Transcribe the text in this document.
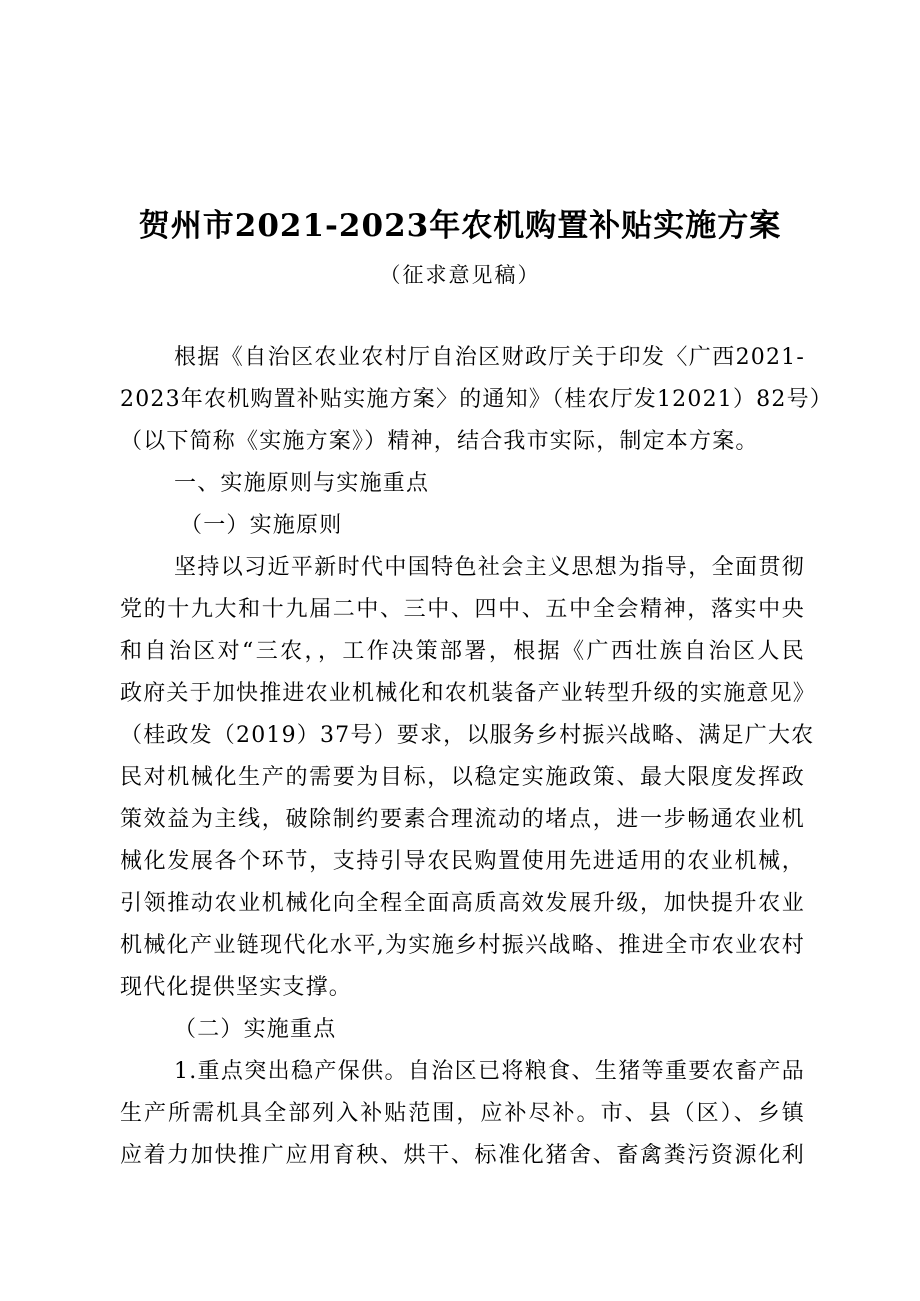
贺州市2021-2023年农机购置补贴实施方案
（征求意见稿）
根据《自治区农业农村厅自治区财政厅关于印发〈广西2021-
2023年农机购置补贴实施方案〉的通知》（桂农厅发12021）82号）
（以下简称《实施方案》）精神，结合我市实际，制定本方案。
一、实施原则与实施重点
（一）实施原则
坚持以习近平新时代中国特色社会主义思想为指导，全面贯彻
党的十九大和十九届二中、三中、四中、五中全会精神，落实中央
和自治区对“三农，，工作决策部署，根据《广西壮族自治区人民
政府关于加快推进农业机械化和农机装备产业转型升级的实施意见》
（桂政发（2019）37号）要求，以服务乡村振兴战略、满足广大农
民对机械化生产的需要为目标，以稳定实施政策、最大限度发挥政
策效益为主线，破除制约要素合理流动的堵点，进一步畅通农业机
械化发展各个环节，支持引导农民购置使用先进适用的农业机械，
引领推动农业机械化向全程全面高质高效发展升级，加快提升农业
机械化产业链现代化水平,为实施乡村振兴战略、推进全市农业农村
现代化提供坚实支撑。
（二）实施重点
1.重点突出稳产保供。自治区已将粮食、生猪等重要农畜产品
生产所需机具全部列入补贴范围，应补尽补。市、县（区）、乡镇
应着力加快推广应用育秧、烘干、标准化猪舍、畜禽粪污资源化利
